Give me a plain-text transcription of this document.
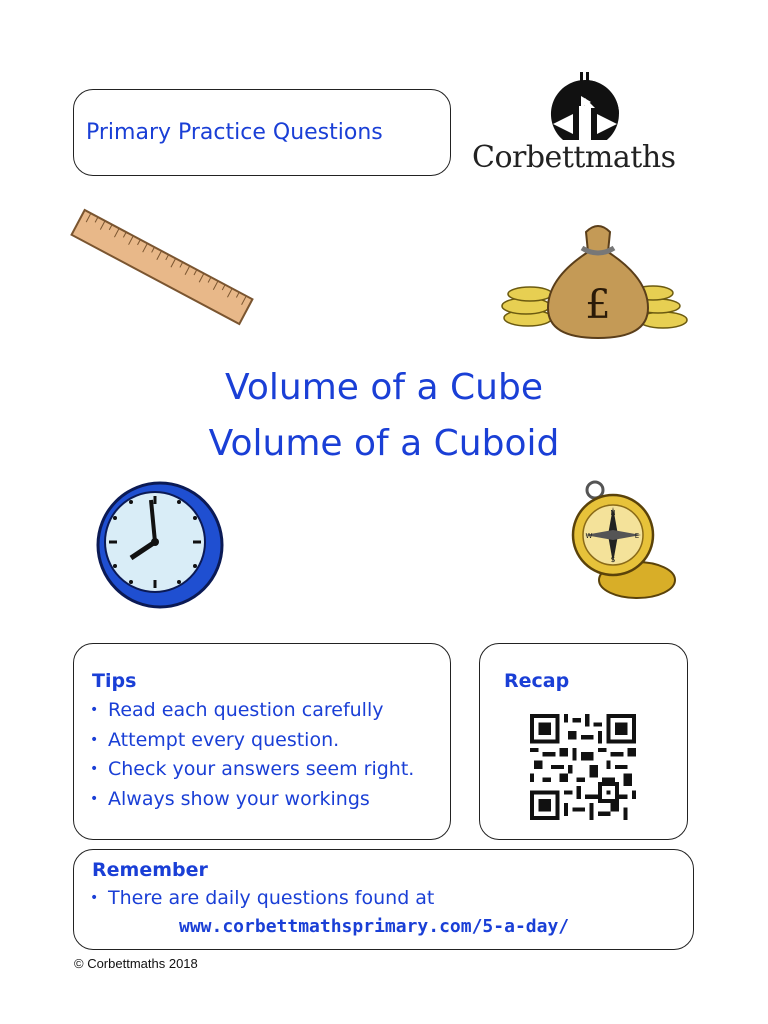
Primary Practice Questions
Corbettmaths
£
Volume of a Cube
Volume of a Cuboid
N
S
E
W
Tips
• Read each question carefully
• Attempt every question.
• Check your answers seem right.
• Always show your workings
Recap
Remember
• There are daily questions found at
www.corbettmathsprimary.com/5-a-day/
© Corbettmaths 2018
